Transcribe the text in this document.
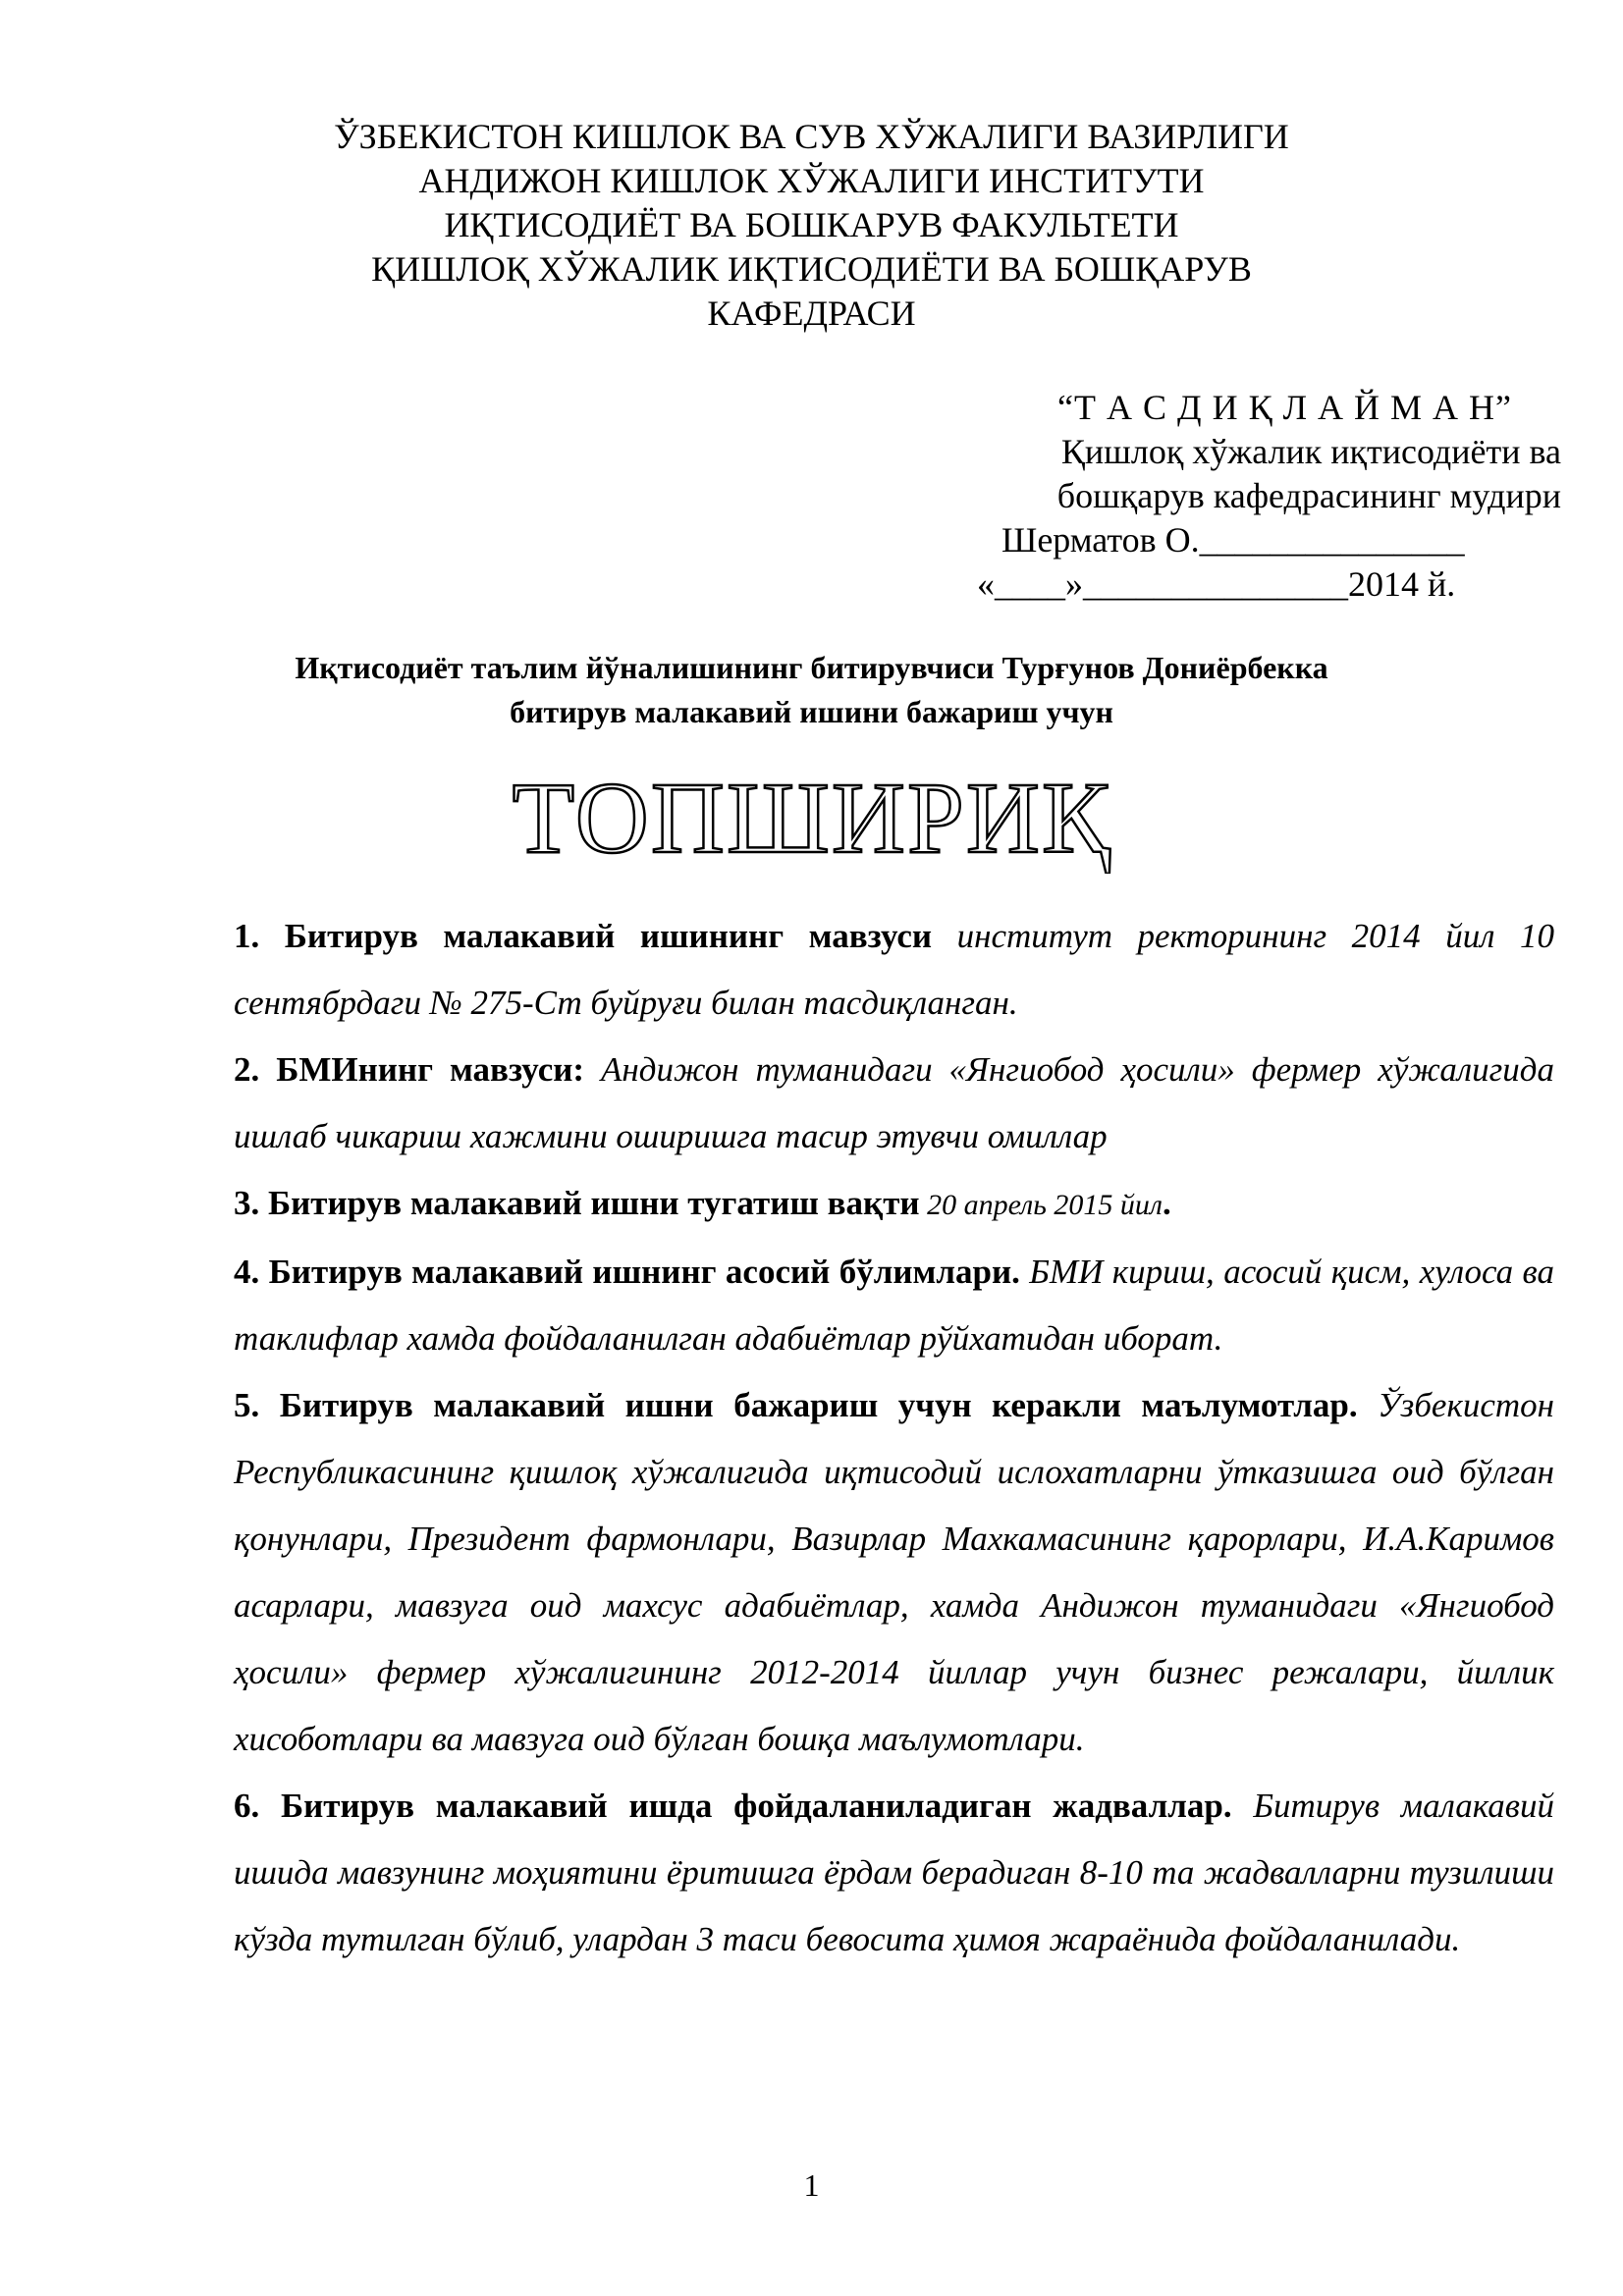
ЎЗБЕКИСТОН КИШЛОК ВА СУВ ХЎЖАЛИГИ ВАЗИРЛИГИ
АНДИЖОН КИШЛОК ХЎЖАЛИГИ ИНСТИТУТИ
ИҚТИСОДИЁТ ВА БОШКАРУВ ФАКУЛЬТЕТИ
ҚИШЛОҚ ХЎЖАЛИК ИҚТИСОДИЁТИ ВА БОШҚАРУВ
КАФЕДРАСИ
“Т А С Д И Қ Л А Й М А Н”
Қишлоқ хўжалик иқтисодиёти ва
бошқарув кафедрасининг мудири
Шерматов О._______________
«____»_______________2014 й.
Иқтисодиёт таълим йўналишининг битирувчиси Турғунов Дониёрбекка
битирув малакавий ишини бажариш учун
ТОПШИРИҚ
1. Битирув малакавий ишининг мавзуси институт ректорининг 2014 йил 10 сентябрдаги № 275-Ст буйруғи билан тасдиқланган.
2. БМИнинг мавзуси: Андижон туманидаги «Янгиобод ҳосили» фермер хўжалигида ишлаб чикариш хажмини оширишга тасир этувчи омиллар
3. Битирув малакавий ишни тугатиш вақти 20 апрель 2015 йил.
4. Битирув малакавий ишнинг асосий бўлимлари. БМИ кириш, асосий қисм, хулоса ва таклифлар хамда фойдаланилган адабиётлар рўйхатидан иборат.
5. Битирув малакавий ишни бажариш учун керакли маълумотлар. Ўзбекистон Республикасининг қишлоқ хўжалигида иқтисодий ислохатларни ўтказишга оид бўлган қонунлари, Президент фармонлари, Вазирлар Махкамасининг қарорлари, И.А.Каримов асарлари, мавзуга оид махсус адабиётлар, хамда Андижон туманидаги «Янгиобод ҳосили» фермер хўжалигининг 2012-2014 йиллар учун бизнес режалари, йиллик хисоботлари ва мавзуга оид бўлган бошқа маълумотлари.
6. Битирув малакавий ишда фойдаланиладиган жадваллар. Битирув малакавий ишида мавзунинг моҳиятини ёритишга ёрдам берадиган 8-10 та жадвалларни тузилиши кўзда тутилган бўлиб, улардан 3 таси бевосита ҳимоя жараёнида фойдаланилади.
1
